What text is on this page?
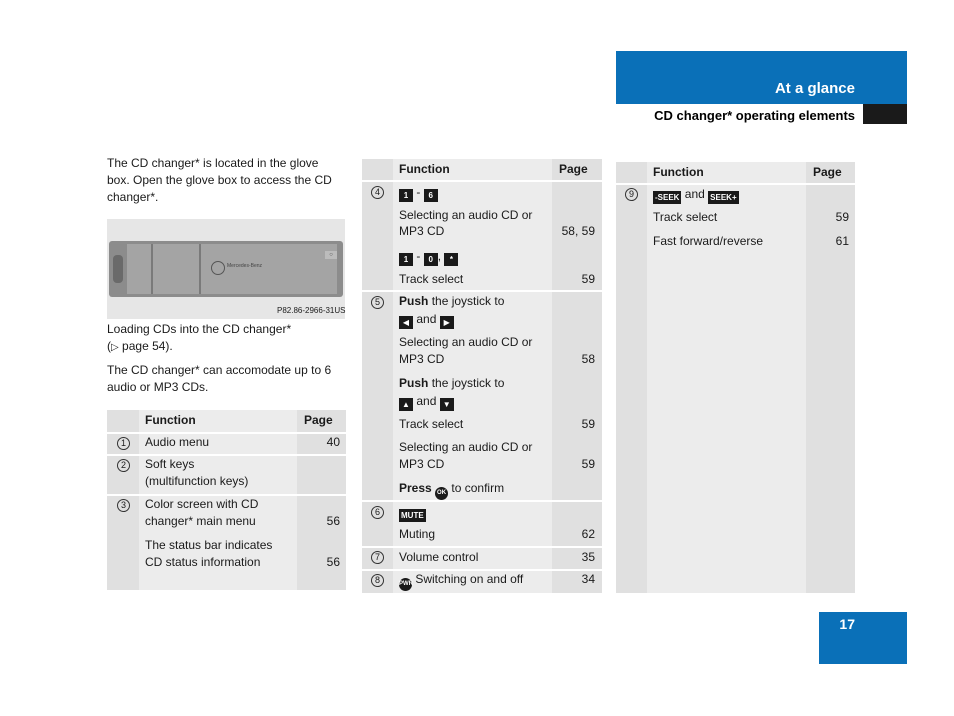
At a glance
CD changer* operating elements
17
The CD changer* is located in the glove
box. Open the glove box to access the CD
changer*.
Mercedes-Benz
○
P82.86-2966-31US
Loading CDs into the CD changer*
(▷ page 54).
The CD changer* can accomodate up to 6
audio or MP3 CDs.
Function	Page
1	Audio menu	40
2	Soft keys
(multifunction keys)
3	Color screen with CD
changer* main menu	56
The status bar indicates
CD status information	56
Function	Page
4	1 - 6
Selecting an audio CD or
MP3 CD	58, 59
1 - 0 , *
Track select	59
5	Push the joystick to
◀ and ▶
Selecting an audio CD or
MP3 CD	58
Push the joystick to
▲ and ▼
Track select	59
Selecting an audio CD or
MP3 CD	59
Press OK to confirm
6	MUTE
Muting	62
7	Volume control	35
8	PWR Switching on and off	34
Function	Page
9	-SEEK and SEEK+
Track select	59
Fast forward/reverse	61
